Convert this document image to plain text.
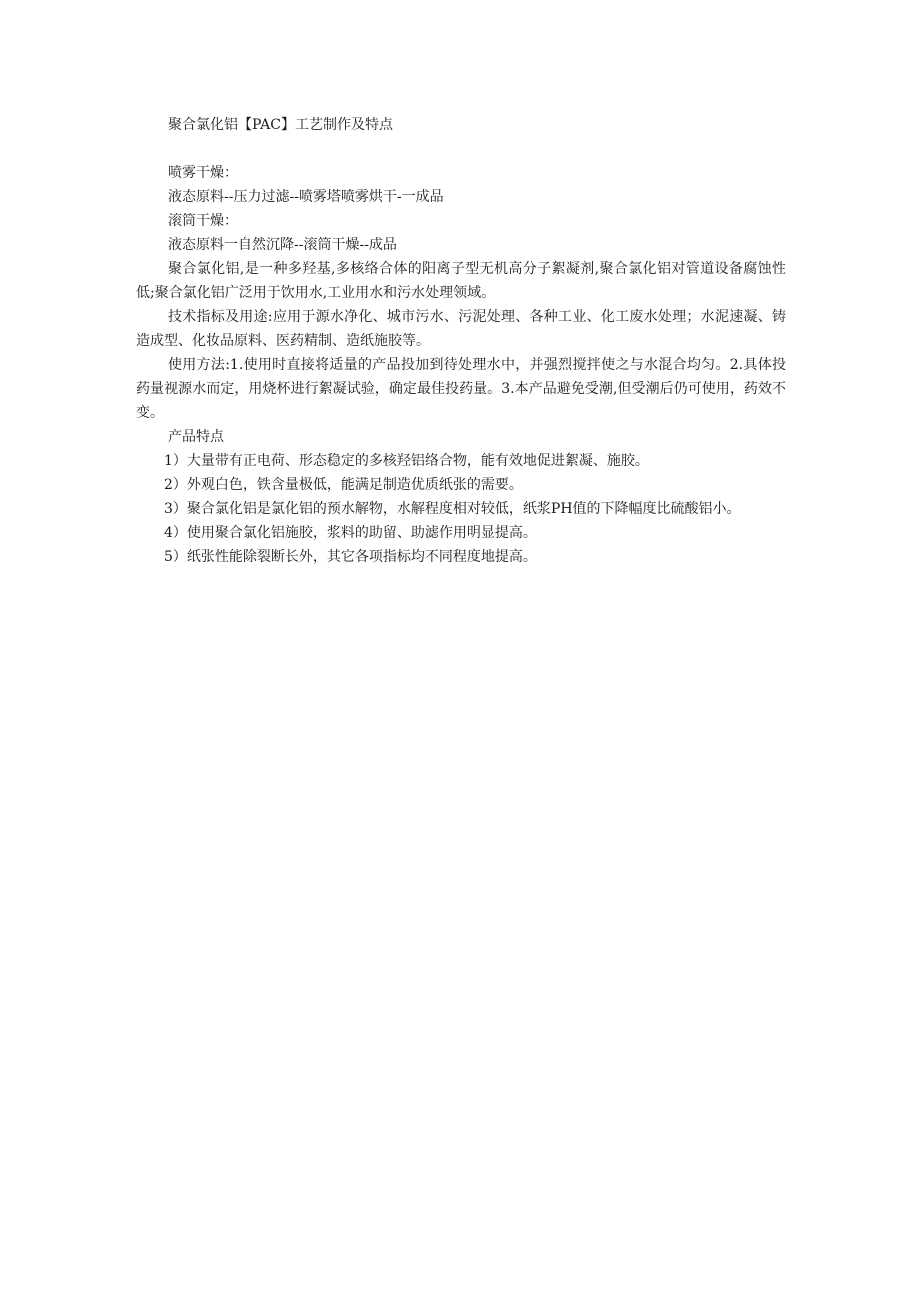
聚合氯化铝【PAC】工艺制作及特点

喷雾干燥：

液态原料--压力过滤--喷雾塔喷雾烘干-一成品

滚筒干燥：

液态原料一自然沉降--滚筒干燥--成品

聚合氯化铝,是一种多羟基,多核络合体的阳离子型无机高分子絮凝剂,聚合氯化铝对管道设备腐蚀性低;聚合氯化铝广泛用于饮用水,工业用水和污水处理领域。

技术指标及用途:应用于源水净化、城市污水、污泥处理、各种工业、化工废水处理；水泥速凝、铸造成型、化妆品原料、医药精制、造纸施胶等。

使用方法:1.使用时直接将适量的产品投加到待处理水中，并强烈搅拌使之与水混合均匀。2.具体投药量视源水而定，用烧杯进行絮凝试验，确定最佳投药量。3.本产品避免受潮,但受潮后仍可使用，药效不变。

产品特点

1）大量带有正电荷、形态稳定的多核羟铝络合物，能有效地促进絮凝、施胶。

2）外观白色，铁含量极低，能满足制造优质纸张的需要。

3）聚合氯化铝是氯化铝的预水解物，水解程度相对较低，纸浆PH值的下降幅度比硫酸铝小。

4）使用聚合氯化铝施胶，浆料的助留、助滤作用明显提高。

5）纸张性能除裂断长外，其它各项指标均不同程度地提高。
